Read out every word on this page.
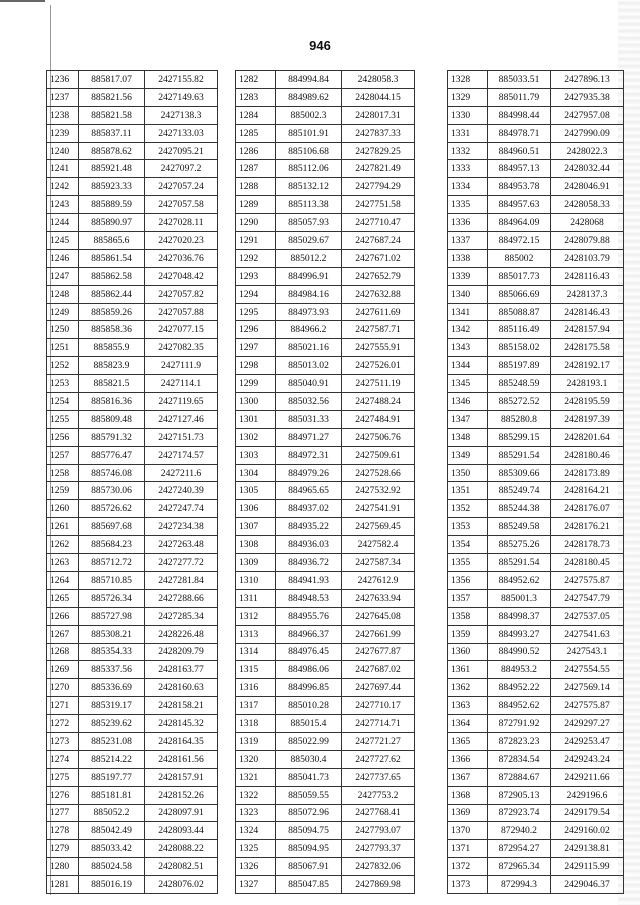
946
1236	885817.07	2427155.82
1237	885821.56	2427149.63
1238	885821.58	2427138.3
1239	885837.11	2427133.03
1240	885878.62	2427095.21
1241	885921.48	2427097.2
1242	885923.33	2427057.24
1243	885889.59	2427057.58
1244	885890.97	2427028.11
1245	885865.6	2427020.23
1246	885861.54	2427036.76
1247	885862.58	2427048.42
1248	885862.44	2427057.82
1249	885859.26	2427057.88
1250	885858.36	2427077.15
1251	885855.9	2427082.35
1252	885823.9	2427111.9
1253	885821.5	2427114.1
1254	885816.36	2427119.65
1255	885809.48	2427127.46
1256	885791.32	2427151.73
1257	885776.47	2427174.57
1258	885746.08	2427211.6
1259	885730.06	2427240.39
1260	885726.62	2427247.74
1261	885697.68	2427234.38
1262	885684.23	2427263.48
1263	885712.72	2427277.72
1264	885710.85	2427281.84
1265	885726.34	2427288.66
1266	885727.98	2427285.34
1267	885308.21	2428226.48
1268	885354.33	2428209.79
1269	885337.56	2428163.77
1270	885336.69	2428160.63
1271	885319.17	2428158.21
1272	885239.62	2428145.32
1273	885231.08	2428164.35
1274	885214.22	2428161.56
1275	885197.77	2428157.91
1276	885181.81	2428152.26
1277	885052.2	2428097.91
1278	885042.49	2428093.44
1279	885033.42	2428088.22
1280	885024.58	2428082.51
1281	885016.19	2428076.02
1282	884994.84	2428058.3
1283	884989.62	2428044.15
1284	885002.3	2428017.31
1285	885101.91	2427837.33
1286	885106.68	2427829.25
1287	885112.06	2427821.49
1288	885132.12	2427794.29
1289	885113.38	2427751.58
1290	885057.93	2427710.47
1291	885029.67	2427687.24
1292	885012.2	2427671.02
1293	884996.91	2427652.79
1294	884984.16	2427632.88
1295	884973.93	2427611.69
1296	884966.2	2427587.71
1297	885021.16	2427555.91
1298	885013.02	2427526.01
1299	885040.91	2427511.19
1300	885032.56	2427488.24
1301	885031.33	2427484.91
1302	884971.27	2427506.76
1303	884972.31	2427509.61
1304	884979.26	2427528.66
1305	884965.65	2427532.92
1306	884937.02	2427541.91
1307	884935.22	2427569.45
1308	884936.03	2427582.4
1309	884936.72	2427587.34
1310	884941.93	2427612.9
1311	884948.53	2427633.94
1312	884955.76	2427645.08
1313	884966.37	2427661.99
1314	884976.45	2427677.87
1315	884986.06	2427687.02
1316	884996.85	2427697.44
1317	885010.28	2427710.17
1318	885015.4	2427714.71
1319	885022.99	2427721.27
1320	885030.4	2427727.62
1321	885041.73	2427737.65
1322	885059.55	2427753.2
1323	885072.96	2427768.41
1324	885094.75	2427793.07
1325	885094.95	2427793.37
1326	885067.91	2427832.06
1327	885047.85	2427869.98
1328	885033.51	2427896.13
1329	885011.79	2427935.38
1330	884998.44	2427957.08
1331	884978.71	2427990.09
1332	884960.51	2428022.3
1333	884957.13	2428032.44
1334	884953.78	2428046.91
1335	884957.63	2428058.33
1336	884964.09	2428068
1337	884972.15	2428079.88
1338	885002	2428103.79
1339	885017.73	2428116.43
1340	885066.69	2428137.3
1341	885088.87	2428146.43
1342	885116.49	2428157.94
1343	885158.02	2428175.58
1344	885197.89	2428192.17
1345	885248.59	2428193.1
1346	885272.52	2428195.59
1347	885280.8	2428197.39
1348	885299.15	2428201.64
1349	885291.54	2428180.46
1350	885309.66	2428173.89
1351	885249.74	2428164.21
1352	885244.38	2428176.07
1353	885249.58	2428176.21
1354	885275.26	2428178.73
1355	885291.54	2428180.45
1356	884952.62	2427575.87
1357	885001.3	2427547.79
1358	884998.37	2427537.05
1359	884993.27	2427541.63
1360	884990.52	2427543.1
1361	884953.2	2427554.55
1362	884952.22	2427569.14
1363	884952.62	2427575.87
1364	872791.92	2429297.27
1365	872823.23	2429253.47
1366	872834.54	2429243.24
1367	872884.67	2429211.66
1368	872905.13	2429196.6
1369	872923.74	2429179.54
1370	872940.2	2429160.02
1371	872954.27	2429138.81
1372	872965.34	2429115.99
1373	872994.3	2429046.37
